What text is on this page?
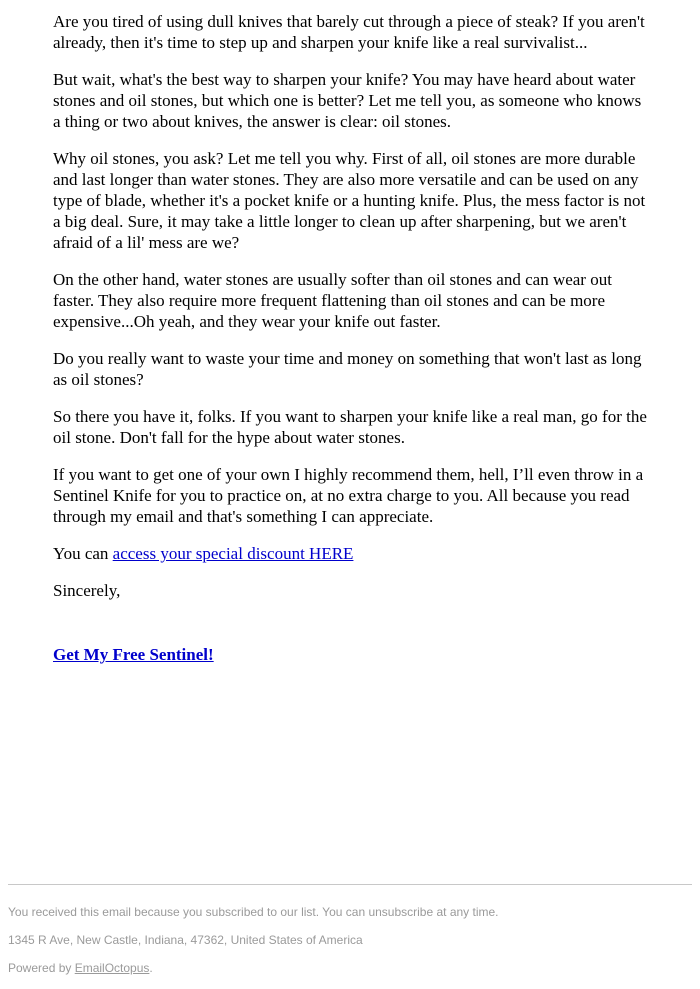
Are you tired of using dull knives that barely cut through a piece of steak? If you aren't already, then it's time to step up and sharpen your knife like a real survivalist...

But wait, what's the best way to sharpen your knife? You may have heard about water stones and oil stones, but which one is better? Let me tell you, as someone who knows a thing or two about knives, the answer is clear: oil stones.

Why oil stones, you ask? Let me tell you why. First of all, oil stones are more durable and last longer than water stones. They are also more versatile and can be used on any type of blade, whether it's a pocket knife or a hunting knife. Plus, the mess factor is not a big deal. Sure, it may take a little longer to clean up after sharpening, but we aren't afraid of a lil' mess are we?

On the other hand, water stones are usually softer than oil stones and can wear out faster. They also require more frequent flattening than oil stones and can be more expensive...Oh yeah, and they wear your knife out faster.

Do you really want to waste your time and money on something that won't last as long as oil stones?

So there you have it, folks. If you want to sharpen your knife like a real man, go for the oil stone. Don't fall for the hype about water stones.

If you want to get one of your own I highly recommend them, hell, I’ll even throw in a Sentinel Knife for you to practice on, at no extra charge to you. All because you read through my email and that's something I can appreciate.

You can access your special discount HERE

Sincerely,

Get My Free Sentinel!

You received this email because you subscribed to our list. You can unsubscribe at any time.

1345 R Ave, New Castle, Indiana, 47362, United States of America

Powered by EmailOctopus.
